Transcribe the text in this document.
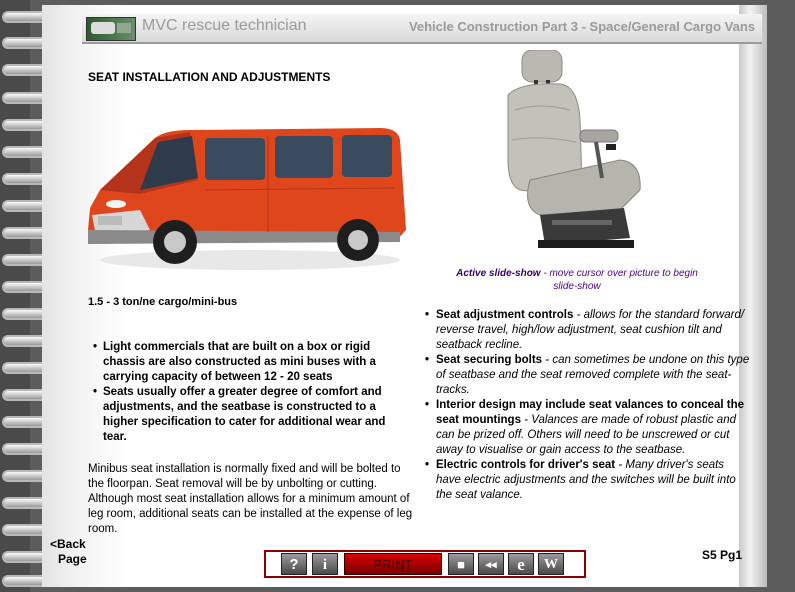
MVC rescue technician	Vehicle Construction Part 3 - Space/General Cargo Vans
SEAT INSTALLATION AND ADJUSTMENTS
1.5 - 3 ton/ne cargo/mini-bus
Active slide-show - move cursor over picture to begin slide-show
• Light commercials that are built on a box or rigid chassis are also constructed as mini buses with a carrying capacity of between 12 - 20 seats
• Seats usually offer a greater degree of comfort and adjustments, and the seatbase is constructed to a higher specification to cater for additional wear and tear.
Minibus seat installation is normally fixed and will be bolted to the floorpan. Seat removal will be by unbolting or cutting. Although most seat installation allows for a minimum amount of leg room, additional seats can be installed at the expense of leg room.
• Seat adjustment controls - allows for the standard forward/ reverse travel, high/low adjustment, seat cushion tilt and seatback recline.
• Seat securing bolts - can sometimes be undone on this type of seatbase and the seat removed complete with the seat-tracks.
• Interior design may include seat valances to conceal the seat mountings - Valances are made of robust plastic and can be prized off. Others will need to be unscrewed or cut away to visualise or gain access to the seatbase.
• Electric controls for driver's seat - Many driver's seats have electric adjustments and the switches will be built into the seat valance.
<Back
Page	S5 Pg1
?	i	PRINT	■	◂◂	e	W
